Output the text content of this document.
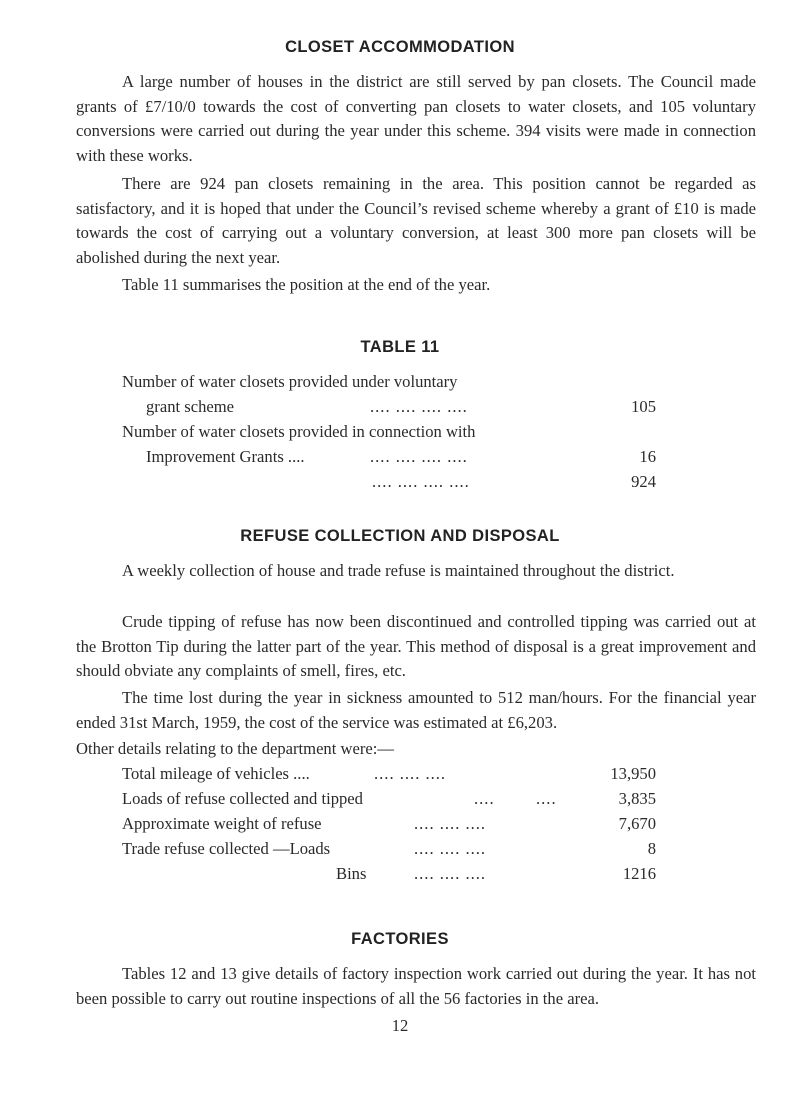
CLOSET ACCOMMODATION

A large number of houses in the district are still served by pan closets. The Council made grants of £7/10/0 towards the cost of converting pan closets to water closets, and 105 voluntary conversions were carried out during the year under this scheme. 394 visits were made in connection with these works.

There are 924 pan closets remaining in the area. This position cannot be regarded as satisfactory, and it is hoped that under the Council’s revised scheme whereby a grant of £10 is made towards the cost of carrying out a voluntary conversion, at least 300 more pan closets will be abolished during the next year.

Table 11 summarises the position at the end of the year.

TABLE 11
Number of water closets provided under voluntary
grant scheme	.... .... .... ....	105
Number of water closets provided in connection with
Improvement Grants ....	.... .... .... ....	16
.... .... .... ....	924
REFUSE COLLECTION AND DISPOSAL

A weekly collection of house and trade refuse is maintained throughout the district.

Crude tipping of refuse has now been discontinued and controlled tipping was carried out at the Brotton Tip during the latter part of the year. This method of disposal is a great improvement and should obviate any complaints of smell, fires, etc.

The time lost during the year in sickness amounted to 512 man/hours. For the financial year ended 31st March, 1959, the cost of the service was estimated at £6,203.

Other details relating to the department were:—

Total mileage of vehicles ....	.... .... ....	13,950
Loads of refuse collected and tipped	.... ....	3,835
Approximate weight of refuse	.... .... ....	7,670
Trade refuse collected —Loads	.... .... ....	8
Bins	.... .... ....	1216
FACTORIES

Tables 12 and 13 give details of factory inspection work carried out during the year. It has not been possible to carry out routine inspections of all the 56 factories in the area.

12
